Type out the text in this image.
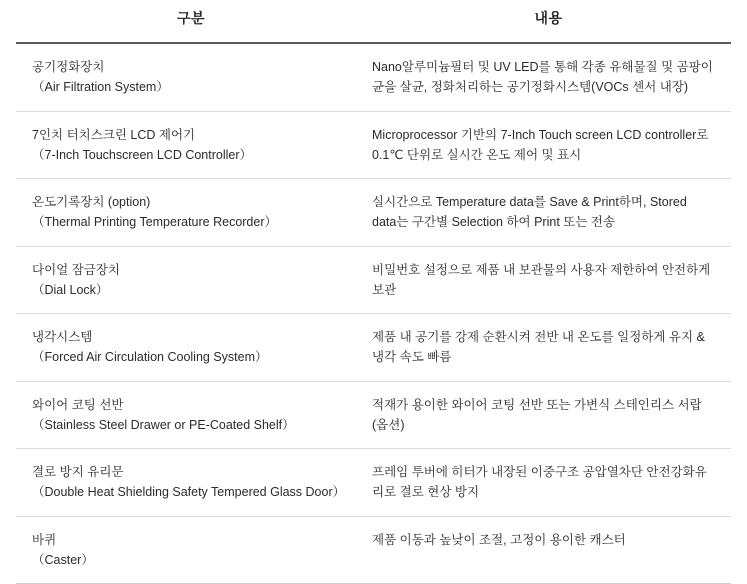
구분	내용

공기정화장치
（Air Filtration System）	Nano알루미늄필터 및 UV LED를 통해 각종 유해물질 및 곰팡이균을 살균, 정화처리하는 공기정화시스템(VOCs 센서 내장)

7인치 터치스크린 LCD 제어기
（7-Inch Touchscreen LCD Controller）	Microprocessor 기반의 7-Inch Touch screen LCD controller로 0.1℃ 단위로 실시간 온도 제어 및 표시

온도기록장치 (option)
（Thermal Printing Temperature Recorder）	실시간으로 Temperature data를 Save & Print하며, Stored data는 구간별 Selection 하여 Print 또는 전송

다이얼 잠금장치
（Dial Lock）	비밀번호 설정으로 제품 내 보관물의 사용자 제한하여 안전하게 보관

냉각시스템
（Forced Air Circulation Cooling System）	제품 내 공기를 강제 순환시켜 전반 내 온도를 일정하게 유지 & 냉각 속도 빠름

와이어 코팅 선반
（Stainless Steel Drawer or PE-Coated Shelf）	적재가 용이한 와이어 코팅 선반 또는 가변식 스테인리스 서랍(옵션)

결로 방지 유리문
（Double Heat Shielding Safety Tempered Glass Door）	프레임 투버에 히터가 내장된 이중구조 공압열차단 안전강화유리로 결로 현상 방지

바퀴
（Caster）	제품 이동과 높낮이 조절, 고정이 용이한 캐스터
